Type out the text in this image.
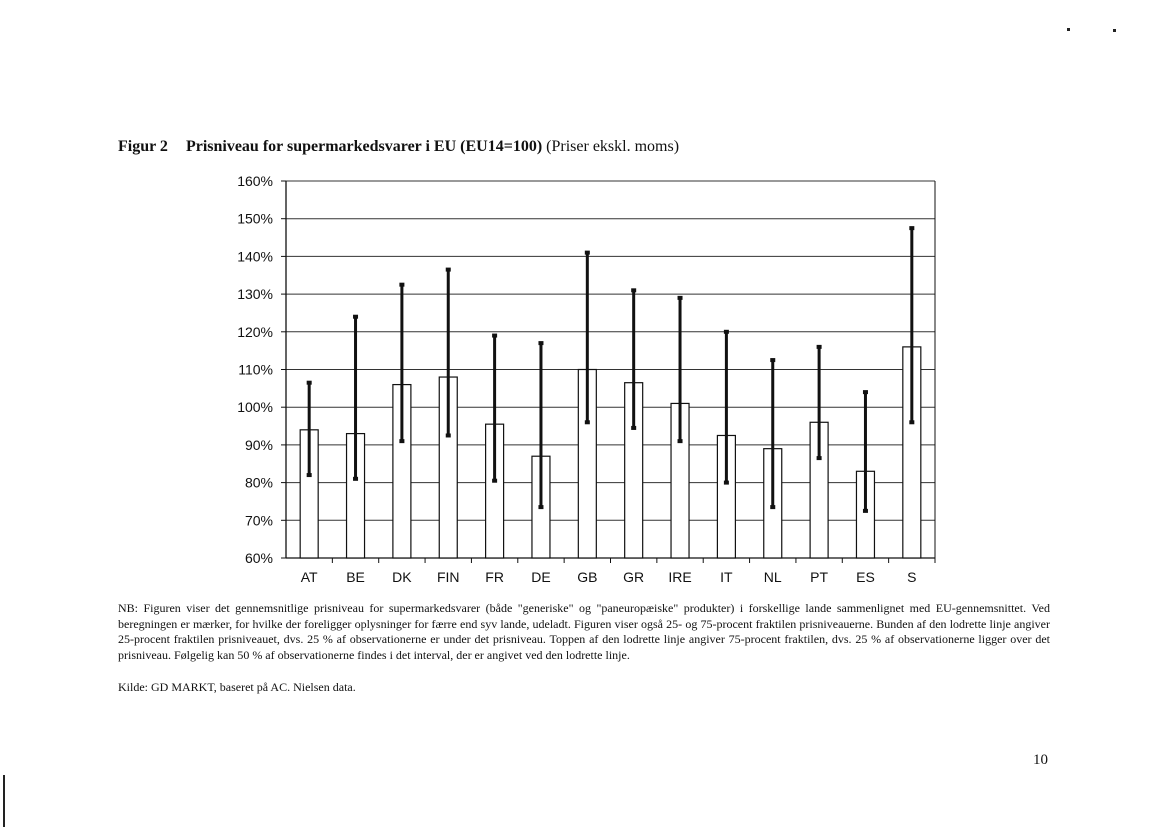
Figur 2 Prisniveau for supermarkedsvarer i EU (EU14=100) (Priser ekskl. moms)
60%
70%
80%
90%
100%
110%
120%
130%
140%
150%
160%
AT BE DK FIN FR DE GB GR IRE IT NL PT ES S
NB: Figuren viser det gennemsnitlige prisniveau for supermarkedsvarer (både "generiske" og "paneuropæiske" produkter) i forskellige lande sammenlignet med EU-gennemsnittet. Ved beregningen er mærker, for hvilke der foreligger oplysninger for færre end syv lande, udeladt. Figuren viser også 25- og 75-procent fraktilen prisniveauerne. Bunden af den lodrette linje angiver 25-procent fraktilen prisniveauet, dvs. 25 % af observationerne er under det prisniveau. Toppen af den lodrette linje angiver 75-procent fraktilen, dvs. 25 % af observationerne ligger over det prisniveau. Følgelig kan 50 % af observationerne findes i det interval, der er angivet ved den lodrette linje.
Kilde: GD MARKT, baseret på AC. Nielsen data.
10
